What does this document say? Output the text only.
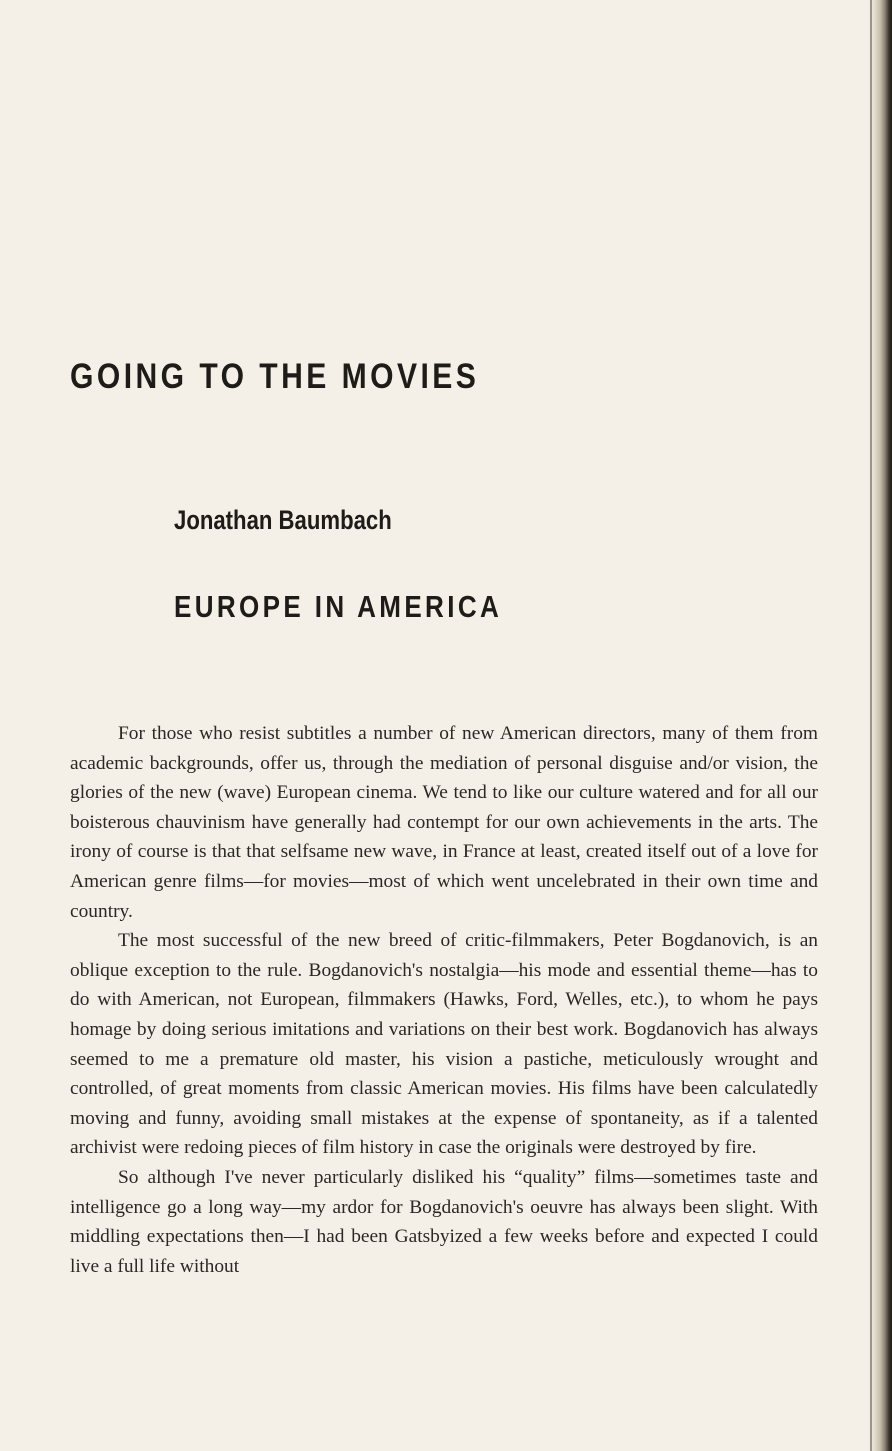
GOING TO THE MOVIES
Jonathan Baumbach
EUROPE IN AMERICA

For those who resist subtitles a number of new American directors, many of them from academic backgrounds, offer us, through the mediation of personal disguise and/or vision, the glories of the new (wave) European cinema. We tend to like our culture watered and for all our boisterous chauvinism have generally had contempt for our own achievements in the arts. The irony of course is that that selfsame new wave, in France at least, created itself out of a love for American genre films—for movies—most of which went uncelebrated in their own time and country.

The most successful of the new breed of critic-filmmakers, Peter Bogdanovich, is an oblique exception to the rule. Bogdanovich's nostalgia—his mode and essential theme—has to do with American, not European, filmmakers (Hawks, Ford, Welles, etc.), to whom he pays homage by doing serious imitations and variations on their best work. Bogdanovich has always seemed to me a premature old master, his vision a pastiche, meticulously wrought and controlled, of great moments from classic American movies. His films have been calculatedly moving and funny, avoiding small mistakes at the expense of spontaneity, as if a talented archivist were redoing pieces of film history in case the originals were destroyed by fire.

So although I've never particularly disliked his “quality” films—sometimes taste and intelligence go a long way—my ardor for Bogdanovich's oeuvre has always been slight. With middling expectations then—I had been Gatsbyized a few weeks before and expected I could live a full life without
